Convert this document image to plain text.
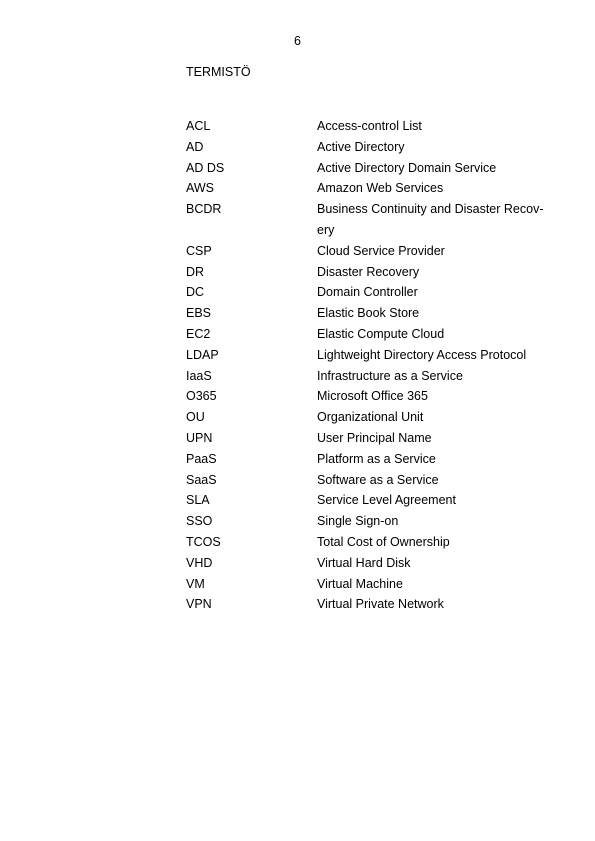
6
TERMISTÖ
ACL	Access-control List
AD	Active Directory
AD DS	Active Directory Domain Service
AWS	Amazon Web Services
BCDR	Business Continuity and Disaster Recov-
ery
CSP	Cloud Service Provider
DR	Disaster Recovery
DC	Domain Controller
EBS	Elastic Book Store
EC2	Elastic Compute Cloud
LDAP	Lightweight Directory Access Protocol
IaaS	Infrastructure as a Service
O365	Microsoft Office 365
OU	Organizational Unit
UPN	User Principal Name
PaaS	Platform as a Service
SaaS	Software as a Service
SLA	Service Level Agreement
SSO	Single Sign-on
TCOS	Total Cost of Ownership
VHD	Virtual Hard Disk
VM	Virtual Machine
VPN	Virtual Private Network
